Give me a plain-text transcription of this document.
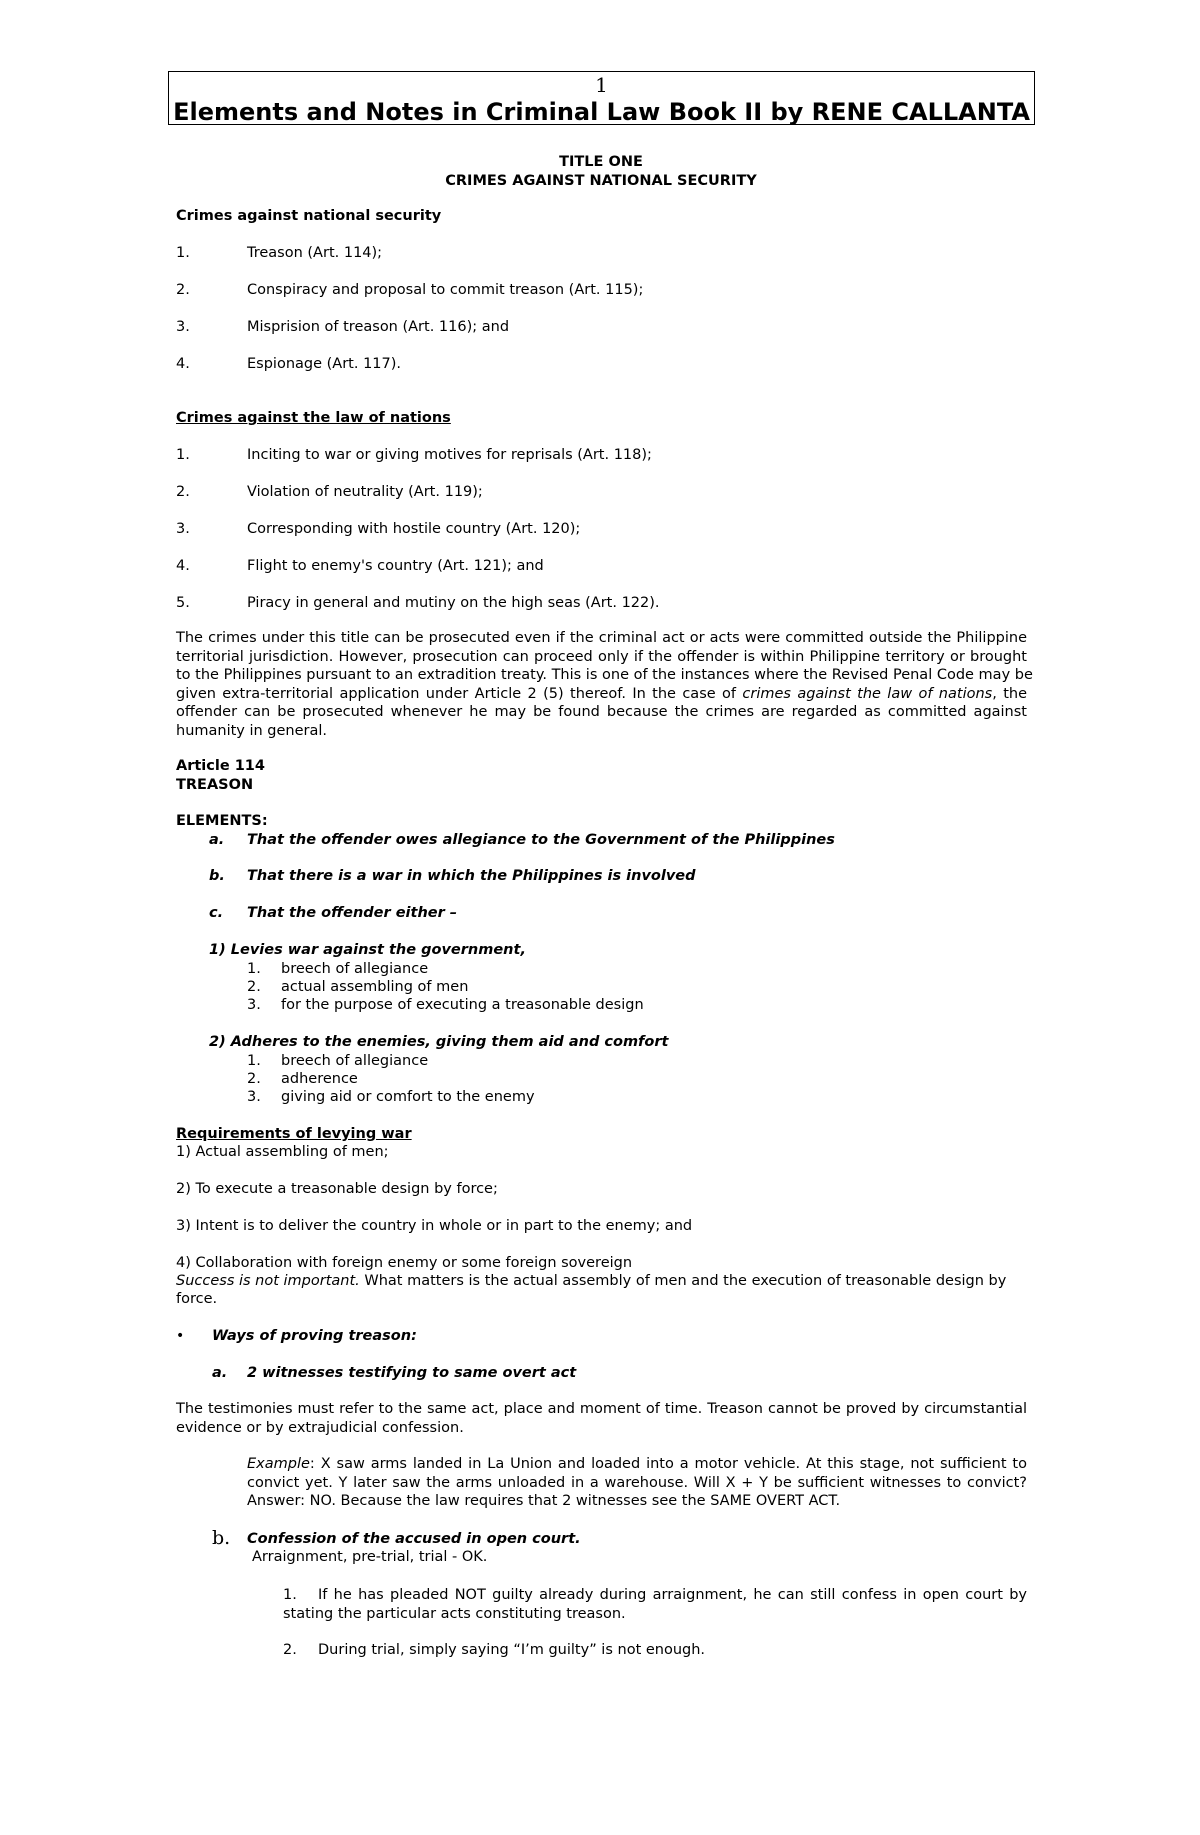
1
Elements and Notes in Criminal Law Book II by RENE CALLANTA
TITLE ONE
CRIMES AGAINST NATIONAL SECURITY
Crimes against national security
1.	Treason (Art. 114);
2.	Conspiracy and proposal to commit treason (Art. 115);
3.	Misprision of treason (Art. 116); and
4.	Espionage (Art. 117).
Crimes against the law of nations
1.	Inciting to war or giving motives for reprisals (Art. 118);
2.	Violation of neutrality (Art. 119);
3.	Corresponding with hostile country (Art. 120);
4.	Flight to enemy's country (Art. 121); and
5.	Piracy in general and mutiny on the high seas (Art. 122).
The crimes under this title can be prosecuted even if the criminal act or acts were committed outside the Philippine
territorial jurisdiction. However, prosecution can proceed only if the offender is within Philippine territory or brought
to the Philippines pursuant to an extradition treaty. This is one of the instances where the Revised Penal Code may be
given extra-territorial application under Article 2 (5) thereof. In the case of crimes against the law of nations, the
offender can be prosecuted whenever he may be found because the crimes are regarded as committed against
humanity in general.
Article 114
TREASON
ELEMENTS:
a. That the offender owes allegiance to the Government of the Philippines
b. That there is a war in which the Philippines is involved
c. That the offender either –
1) Levies war against the government,
1. breech of allegiance
2. actual assembling of men
3. for the purpose of executing a treasonable design
2) Adheres to the enemies, giving them aid and comfort
1. breech of allegiance
2. adherence
3. giving aid or comfort to the enemy
Requirements of levying war
1) Actual assembling of men;
2) To execute a treasonable design by force;
3) Intent is to deliver the country in whole or in part to the enemy; and
4) Collaboration with foreign enemy or some foreign sovereign
Success is not important. What matters is the actual assembly of men and the execution of treasonable design by
force.
• Ways of proving treason:
a. 2 witnesses testifying to same overt act
The testimonies must refer to the same act, place and moment of time. Treason cannot be proved by circumstantial
evidence or by extrajudicial confession.
Example: X saw arms landed in La Union and loaded into a motor vehicle. At this stage, not sufficient to
convict yet. Y later saw the arms unloaded in a warehouse. Will X + Y be sufficient witnesses to convict?
Answer: NO. Because the law requires that 2 witnesses see the SAME OVERT ACT.
b. Confession of the accused in open court.
Arraignment, pre-trial, trial - OK.
1.	If he has pleaded NOT guilty already during arraignment, he can still confess in open court by
stating the particular acts constituting treason.
2. During trial, simply saying “I’m guilty” is not enough.
